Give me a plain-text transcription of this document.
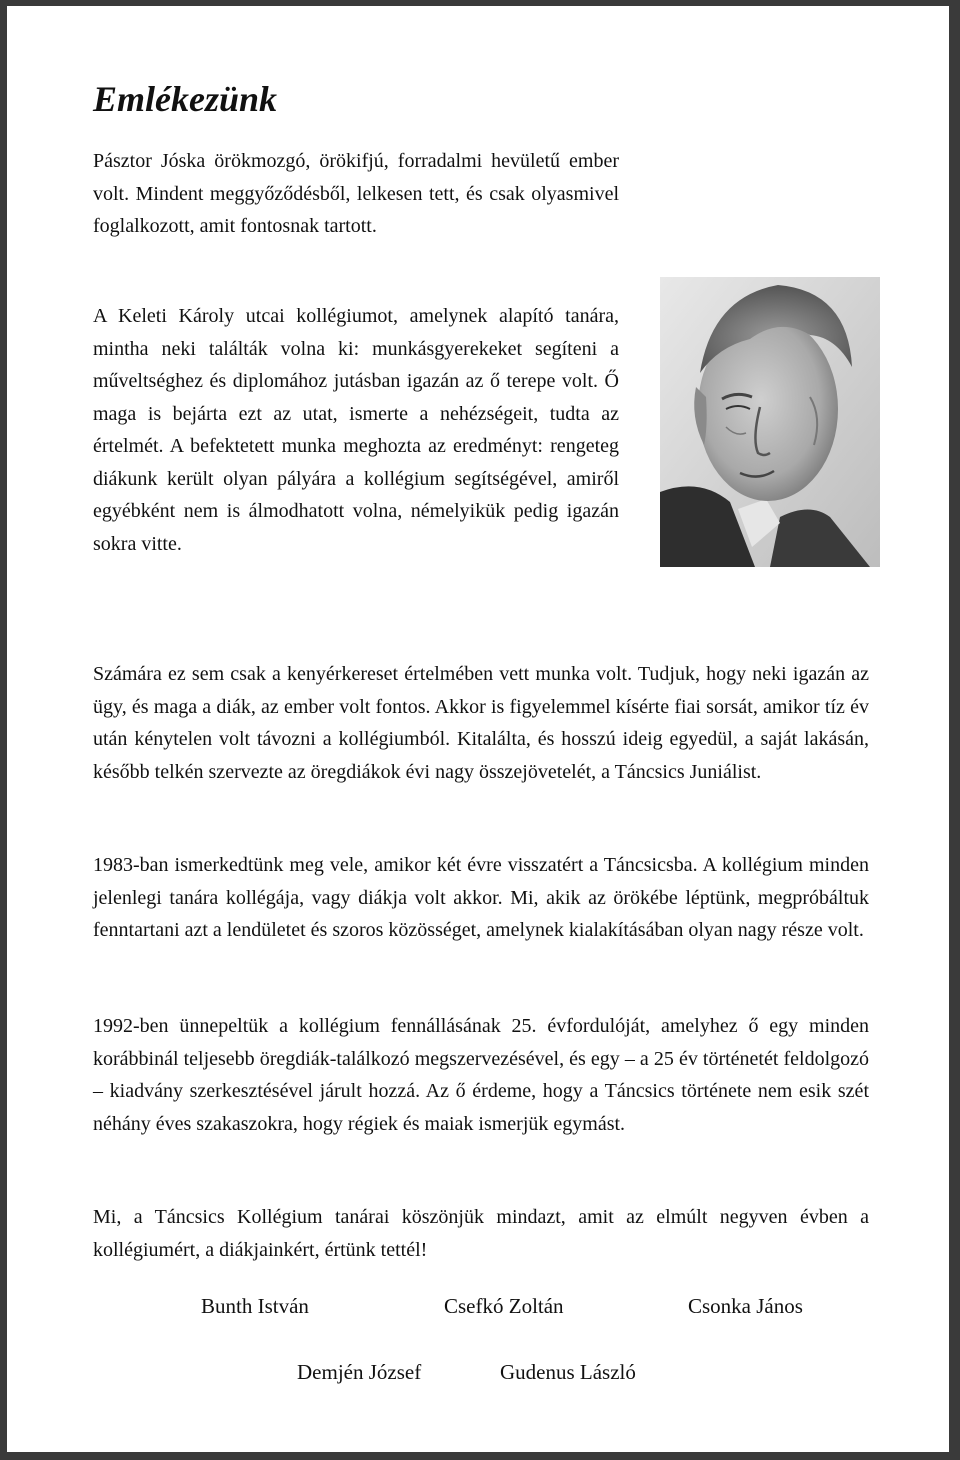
Emlékezünk

Pásztor Jóska örökmozgó, örökifjú, forradalmi hevületű ember volt. Mindent meggyőződésből, lelkesen tett, és csak olyasmivel foglalkozott, amit fontosnak tartott.

A Keleti Károly utcai kollégiumot, amelynek alapító tanára, mintha neki találták volna ki: munkásgyerekeket segíteni a műveltséghez és diplomához jutásban igazán az ő terepe volt. Ő maga is bejárta ezt az utat, ismerte a nehézségeit, tudta az értelmét. A befektetett munka meghozta az eredményt: rengeteg diákunk került olyan pályára a kollégium segítségével, amiről egyébként nem is álmodhatott volna, némelyikük pedig igazán sokra vitte.

Számára ez sem csak a kenyérkereset értelmében vett munka volt. Tudjuk, hogy neki igazán az ügy, és maga a diák, az ember volt fontos. Akkor is figyelemmel kísérte fiai sorsát, amikor tíz év után kénytelen volt távozni a kollégiumból. Kitalálta, és hosszú ideig egyedül, a saját lakásán, később telkén szervezte az öregdiákok évi nagy összejövetelét, a Táncsics Juniálist.

1983-ban ismerkedtünk meg vele, amikor két évre visszatért a Táncsicsba. A kollégium minden jelenlegi tanára kollégája, vagy diákja volt akkor. Mi, akik az örökébe léptünk, megpróbáltuk fenntartani azt a lendületet és szoros közösséget, amelynek kialakításában olyan nagy része volt.

1992-ben ünnepeltük a kollégium fennállásának 25. évfordulóját, amelyhez ő egy minden korábbinál teljesebb öregdiák-találkozó megszervezésével, és egy – a 25 év történetét feldolgozó – kiadvány szerkesztésével járult hozzá. Az ő érdeme, hogy a Táncsics története nem esik szét néhány éves szakaszokra, hogy régiek és maiak ismerjük egymást.

Mi, a Táncsics Kollégium tanárai köszönjük mindazt, amit az elmúlt negyven évben a kollégiumért, a diákjainkért, értünk tettél!

Bunth István	Csefkó Zoltán	Csonka János
Demjén József	Gudenus László
